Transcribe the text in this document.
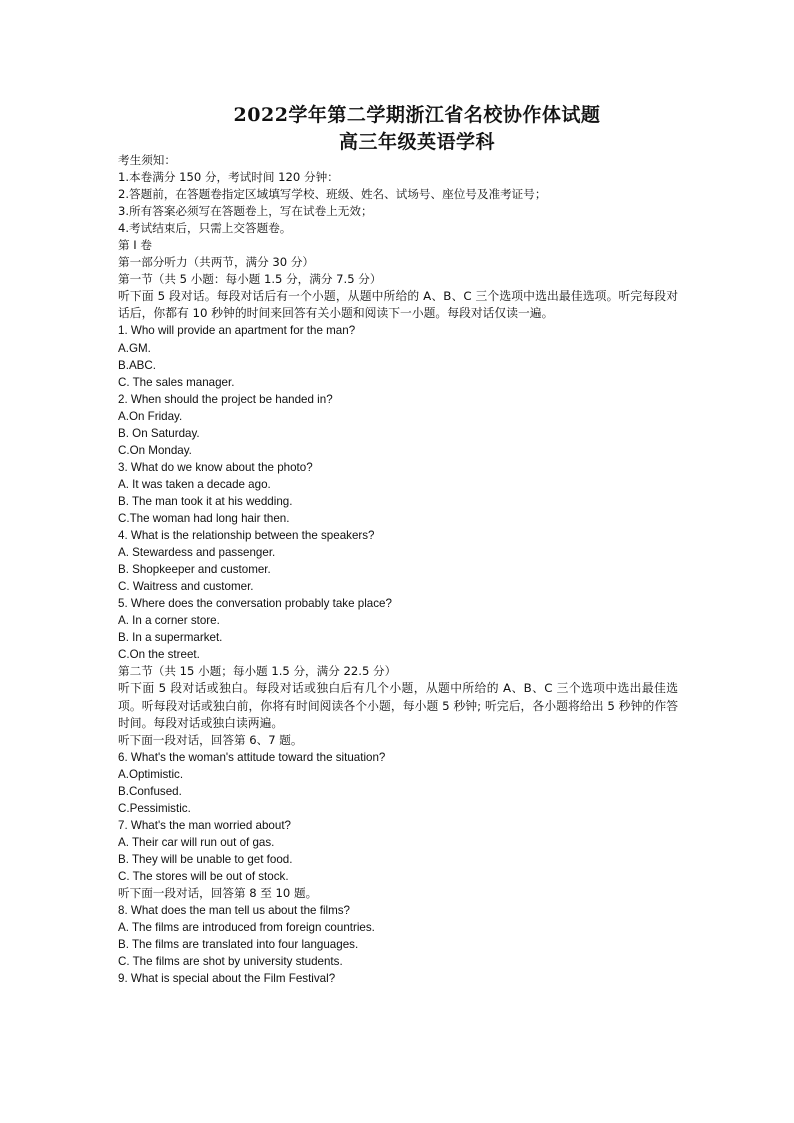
2022学年第二学期浙江省名校协作体试题
高三年级英语学科
考生须知：
1.本卷满分 150 分，考试时间 120 分钟：
2.答题前，在答题卷指定区域填写学校、班级、姓名、试场号、座位号及准考证号；
3.所有答案必须写在答题卷上，写在试卷上无效；
4.考试结束后，只需上交答题卷。
第 I 卷
第一部分听力（共两节，满分 30 分）
第一节（共 5 小题：每小题 1.5 分，满分 7.5 分）
听下面 5 段对话。每段对话后有一个小题，从题中所给的 A、B、C 三个选项中选出最佳选项。听完每段对话后，你都有 10 秒钟的时间来回答有关小题和阅读下一小题。每段对话仅读一遍。
1. Who will provide an apartment for the man?
A.GM.
B.ABC.
C. The sales manager.
2. When should the project be handed in?
A.On Friday.
B. On Saturday.
C.On Monday.
3. What do we know about the photo?
A. It was taken a decade ago.
B. The man took it at his wedding.
C.The woman had long hair then.
4. What is the relationship between the speakers?
A. Stewardess and passenger.
B. Shopkeeper and customer.
C. Waitress and customer.
5. Where does the conversation probably take place?
A. In a corner store.
B. In a supermarket.
C.On the street.
第二节（共 15 小题；每小题 1.5 分，满分 22.5 分）
听下面 5 段对话或独白。每段对话或独白后有几个小题，从题中所给的 A、B、C 三个选项中选出最佳选项。听每段对话或独白前，你将有时间阅读各个小题，每小题 5 秒钟; 听完后，各小题将给出 5 秒钟的作答时间。每段对话或独白读两遍。
听下面一段对话，回答第 6、7 题。
6. What's the woman's attitude toward the situation?
A.Optimistic.
B.Confused.
C.Pessimistic.
7. What's the man worried about?
A. Their car will run out of gas.
B. They will be unable to get food.
C. The stores will be out of stock.
听下面一段对话，回答第 8 至 10 题。
8. What does the man tell us about the films?
A. The films are introduced from foreign countries.
B. The films are translated into four languages.
C. The films are shot by university students.
9. What is special about the Film Festival?
